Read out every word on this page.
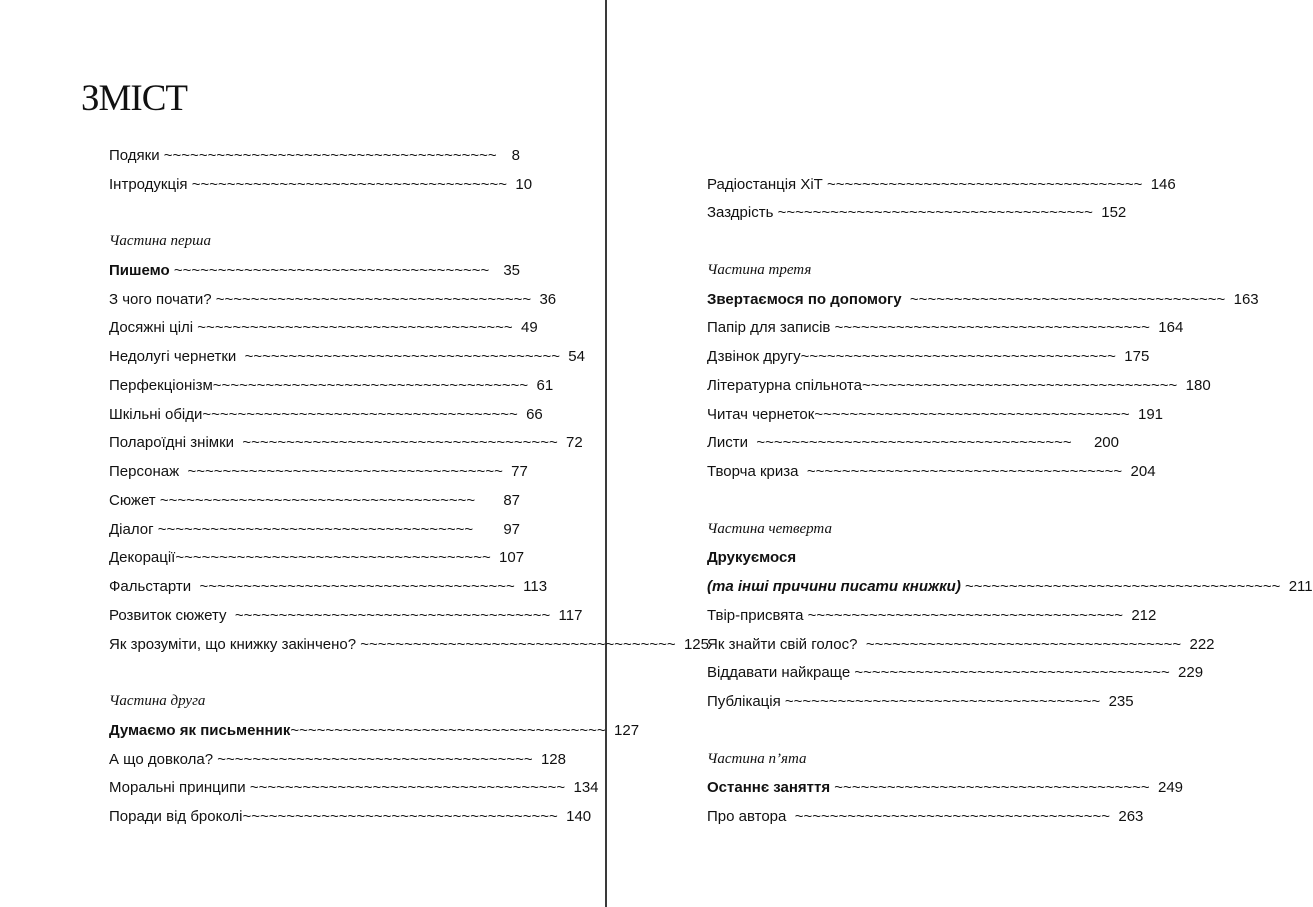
ЗМІСТ
Подяки ~~~~~~~~~~~~~~~~~~~~~~~~~~~~~~~~~~~~~~ 8
Інтродукція ~~~~~~~~~~~~~~~~~~~~~~~~~~~~~~~~~~~~ 10
Частина перша
Пишемо ~~~~~~~~~~~~~~~~~~~~~~~~~~~~~~~~~~~~ 35
З чого почати? ~~~~~~~~~~~~~~~~~~~~~~~~~~~~~~~~~~~~ 36
Досяжні цілі ~~~~~~~~~~~~~~~~~~~~~~~~~~~~~~~~~~~~ 49
Недолугі чернетки ~~~~~~~~~~~~~~~~~~~~~~~~~~~~~~~~~~~~ 54
Перфекціонізм ~~~~~~~~~~~~~~~~~~~~~~~~~~~~~~~~~~~~ 61
Шкільні обіди ~~~~~~~~~~~~~~~~~~~~~~~~~~~~~~~~~~~~ 66
Полароїдні знімки ~~~~~~~~~~~~~~~~~~~~~~~~~~~~~~~~~~~~ 72
Персонаж ~~~~~~~~~~~~~~~~~~~~~~~~~~~~~~~~~~~~ 77
Сюжет ~~~~~~~~~~~~~~~~~~~~~~~~~~~~~~~~~~~~	87
Діалог ~~~~~~~~~~~~~~~~~~~~~~~~~~~~~~~~~~~~	97
Декорації ~~~~~~~~~~~~~~~~~~~~~~~~~~~~~~~~~~~~ 107
Фальстарти ~~~~~~~~~~~~~~~~~~~~~~~~~~~~~~~~~~~~ 113
Розвиток сюжету ~~~~~~~~~~~~~~~~~~~~~~~~~~~~~~~~~~~~ 117
Як зрозуміти, що книжку закінчено? ~~~~~~~~~~~~~~~~~~~~~~~~~~~~~~~~~~~~ 125
Частина друга
Думаємо як письменник ~~~~~~~~~~~~~~~~~~~~~~~~~~~~~~~~~~~~ 127
А що довкола? ~~~~~~~~~~~~~~~~~~~~~~~~~~~~~~~~~~~~ 128
Моральні принципи ~~~~~~~~~~~~~~~~~~~~~~~~~~~~~~~~~~~~ 134
Поради від броколі ~~~~~~~~~~~~~~~~~~~~~~~~~~~~~~~~~~~~ 140
Радіостанція ХіТ ~~~~~~~~~~~~~~~~~~~~~~~~~~~~~~~~~~~~ 146
Заздрість ~~~~~~~~~~~~~~~~~~~~~~~~~~~~~~~~~~~~ 152
Частина третя
Звертаємося по допомогу ~~~~~~~~~~~~~~~~~~~~~~~~~~~~~~~~~~~~ 163
Папір для записів ~~~~~~~~~~~~~~~~~~~~~~~~~~~~~~~~~~~~ 164
Дзвінок другу ~~~~~~~~~~~~~~~~~~~~~~~~~~~~~~~~~~~~ 175
Літературна спільнота ~~~~~~~~~~~~~~~~~~~~~~~~~~~~~~~~~~~~ 180
Читач чернеток ~~~~~~~~~~~~~~~~~~~~~~~~~~~~~~~~~~~~ 191
Листи ~~~~~~~~~~~~~~~~~~~~~~~~~~~~~~~~~~~~ 200
Творча криза ~~~~~~~~~~~~~~~~~~~~~~~~~~~~~~~~~~~~ 204
Частина четверта
Друкуємося
(та інші причини писати книжки) ~~~~~~~~~~~~~~~~~~~~~~~~~~~~~~~~~~~~ 211
Твір-присвята ~~~~~~~~~~~~~~~~~~~~~~~~~~~~~~~~~~~~ 212
Як знайти свій голос? ~~~~~~~~~~~~~~~~~~~~~~~~~~~~~~~~~~~~ 222
Віддавати найкраще ~~~~~~~~~~~~~~~~~~~~~~~~~~~~~~~~~~~~ 229
Публікація ~~~~~~~~~~~~~~~~~~~~~~~~~~~~~~~~~~~~ 235
Частина п’ята
Останнє заняття ~~~~~~~~~~~~~~~~~~~~~~~~~~~~~~~~~~~~ 249
Про автора ~~~~~~~~~~~~~~~~~~~~~~~~~~~~~~~~~~~~ 263
